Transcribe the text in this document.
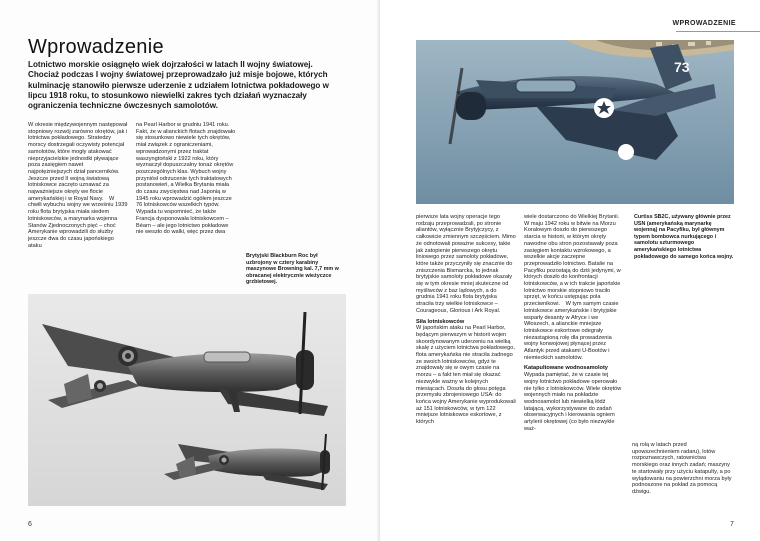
Wprowadzenie

Lotnictwo morskie osiągnęło wiek dojrzałości w latach II wojny światowej. Chociaż podczas I wojny światowej przeprowadzało już misje bojowe, których kulminację stanowiło pierwsze uderzenie z udziałem lotnictwa pokładowego w lipcu 1918 roku, to stosunkowo niewielki zakres tych działań wyznaczały ograniczenia techniczne ówczesnych samolotów.

W okresie międzywojennym następował stopniowy rozwój zarówno okrętów, jak i lotnictwa pokładowego. Stratedzy morscy dostrzegali oczywisty potencjał samolotów, które mogły atakować nieprzyjacielskie jednostki pływające poza zasięgiem nawet najpotężniejszych dział pancerników. Jeszcze przed II wojną światową lotniskowce zaczęto uznawać za najważniejsze okręty we flocie amerykańskiej i w Royal Navy. W chwili wybuchu wojny we wrześniu 1939 roku flota brytyjska miała siedem lotniskowców, a marynarka wojenna Stanów Zjednoczonych pięć – choć Amerykanie wprowadzili do służby jeszcze dwa do czasu japońskiego ataku

na Pearl Harbor w grudniu 1941 roku. Fakt, że w alianckich flotach znajdowało się stosunkowo niewiele tych okrętów, miał związek z ograniczeniami, wprowadzonymi przez traktat waszyngtoński z 1922 roku, który wyznaczył dopuszczalny tonaż okrętów poszczególnych klas. Wybuch wojny przyniósł odrzucenie tych traktatowych postanowień, a Wielka Brytania miała do czasu zwycięstwa nad Japonią w 1945 roku wprowadzić ogółem jeszcze 76 lotniskowców wszelkich typów. Wypada tu wspomnieć, że także Francja dysponowała lotniskowcem – Béarn – ale jego lotnictwo pokładowe nie weszło do walki, więc przez dwa

Brytyjski Blackburn Roc był uzbrojony w cztery karabiny maszynowe Browning kal. 7,7 mm w obracanej elektrycznie wieżyczce grzbietowej.

6
WPROWADZENIE
73

pierwsze lata wojny operacje tego rodzaju przeprowadzali, po stronie aliantów, wyłącznie Brytyjczycy, z całkowicie zmiennym szczęściem. Mimo że odnotowali poważne sukcesy, takie jak zatopienie pierwszego okrętu liniowego przez samoloty pokładowe, które także przyczyniły się znacznie do zniszczenia Bismarcka, to jednak brytyjskie samoloty pokładowe okazały się w tym okresie mniej skuteczne od myśliwców z baz lądowych, a do grudnia 1941 roku flota brytyjska straciła trzy wielkie lotniskowce – Courageous, Glorious i Ark Royal.

Siła lotniskowców

W japońskim ataku na Pearl Harbor, będącym pierwszym w historii wojen skoordynowanym uderzeniu na wielką skalę z użyciem lotnictwa pokładowego, flota amerykańska nie straciła żadnego ze swoich lotniskowców, gdyż te znajdowały się w owym czasie na morzu – a fakt ten miał się okazać niezwykle ważny w kolejnych miesiącach. Doszła do głosu potęga przemysłu zbrojeniowego USA: do końca wojny Amerykanie wyprodukowali aż 151 lotniskowców, w tym 122 mniejsze lotniskowce eskortowe, z których

wiele dostarczono do Wielkiej Brytanii. W maju 1942 roku w bitwie na Morzu Koralowym doszło do pierwszego starcia w historii, w którym okręty nawodne obu stron pozostawały poza zasięgiem kontaktu wzrokowego, a wszelkie akcje zaczepne przeprowadziło lotnictwo. Batalie na Pacyfiku pozostają do dziś jedynymi, w których doszło do konfrontacji lotniskowców, a w ich trakcie japońskie lotnictwo morskie stopniowo traciło sprzęt, w końcu ustępując pola przeciwnikowi. W tym samym czasie lotniskowce amerykańskie i brytyjskie wsparły desanty w Afryce i we Włoszech, a alianckie mniejsze lotniskowce eskortowe odegrały niezastąpioną rolę dla prowadzenia wojny konwojowej płynącej przez Atlantyk przed atakami U-Bootów i niemieckich samolotów.

Katapultowane wodnosamoloty

Wypada pamiętać, że w czasie tej wojny lotnictwo pokładowe operowało nie tylko z lotniskowców. Wiele okrętów wojennych miało na pokładzie wodnosamolot lub niewielką łódź latającą, wykorzystywane do zadań obserwacyjnych i kierowania ogniem artylerii okrętowej (co było niezwykle waż-

ną rolą w latach przed upowszechnieniem radaru), lotów rozpoznawczych, ratownictwa morskiego oraz innych zadań; maszyny te startowały przy użyciu katapulty, a po wylądowaniu na powierzchni morza były podnoszone na pokład za pomocą dźwigu.

Curtiss SB2C, używany głównie przez USN (amerykańską marynarkę wojenną) na Pacyfiku, był głównym typem bombowca nurkującego i samolotu szturmowego amerykańskiego lotnictwa pokładowego do samego końca wojny.

7
